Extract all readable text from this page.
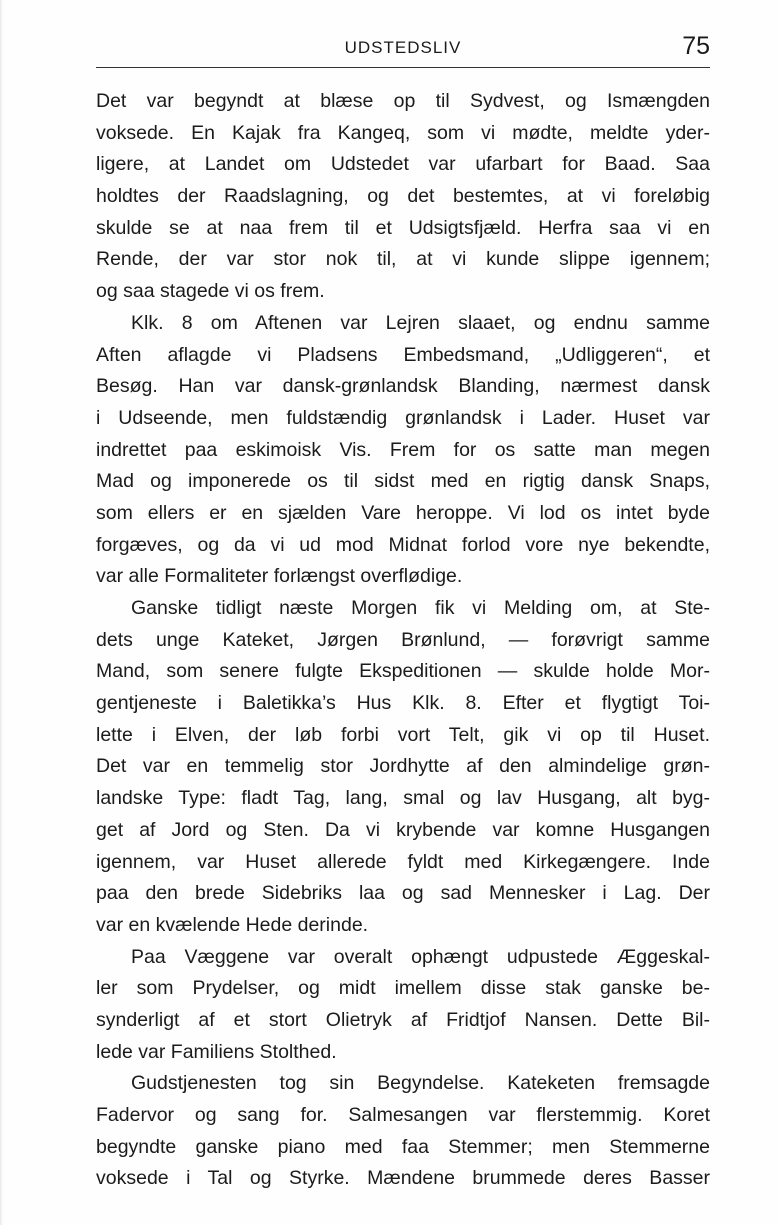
UDSTEDSLIV	75
Det var begyndt at blæse op til Sydvest, og Ismængden
voksede. En Kajak fra Kangeq, som vi mødte, meldte yder-
ligere, at Landet om Udstedet var ufarbart for Baad. Saa
holdtes der Raadslagning, og det bestemtes, at vi foreløbig
skulde se at naa frem til et Udsigtsfjæld. Herfra saa vi en
Rende, der var stor nok til, at vi kunde slippe igennem;
og saa stagede vi os frem.
Klk. 8 om Aftenen var Lejren slaaet, og endnu samme
Aften aflagde vi Pladsens Embedsmand, „Udliggeren“, et
Besøg. Han var dansk-grønlandsk Blanding, nærmest dansk
i Udseende, men fuldstændig grønlandsk i Lader. Huset var
indrettet paa eskimoisk Vis. Frem for os satte man megen
Mad og imponerede os til sidst med en rigtig dansk Snaps,
som ellers er en sjælden Vare heroppe. Vi lod os intet byde
forgæves, og da vi ud mod Midnat forlod vore nye bekendte,
var alle Formaliteter forlængst overflødige.
Ganske tidligt næste Morgen fik vi Melding om, at Ste-
dets unge Kateket, Jørgen Brønlund, — forøvrigt samme
Mand, som senere fulgte Ekspeditionen — skulde holde Mor-
gentjeneste i Baletikka’s Hus Klk. 8. Efter et flygtigt Toi-
lette i Elven, der løb forbi vort Telt, gik vi op til Huset.
Det var en temmelig stor Jordhytte af den almindelige grøn-
landske Type: fladt Tag, lang, smal og lav Husgang, alt byg-
get af Jord og Sten. Da vi krybende var komne Husgangen
igennem, var Huset allerede fyldt med Kirkegængere. Inde
paa den brede Sidebriks laa og sad Mennesker i Lag. Der
var en kvælende Hede derinde.
Paa Væggene var overalt ophængt udpustede Æggeskal-
ler som Prydelser, og midt imellem disse stak ganske be-
synderligt af et stort Olietryk af Fridtjof Nansen. Dette Bil-
lede var Familiens Stolthed.
Gudstjenesten tog sin Begyndelse. Kateketen fremsagde
Fadervor og sang for. Salmesangen var flerstemmig. Koret
begyndte ganske piano med faa Stemmer; men Stemmerne
voksede i Tal og Styrke. Mændene brummede deres Basser
